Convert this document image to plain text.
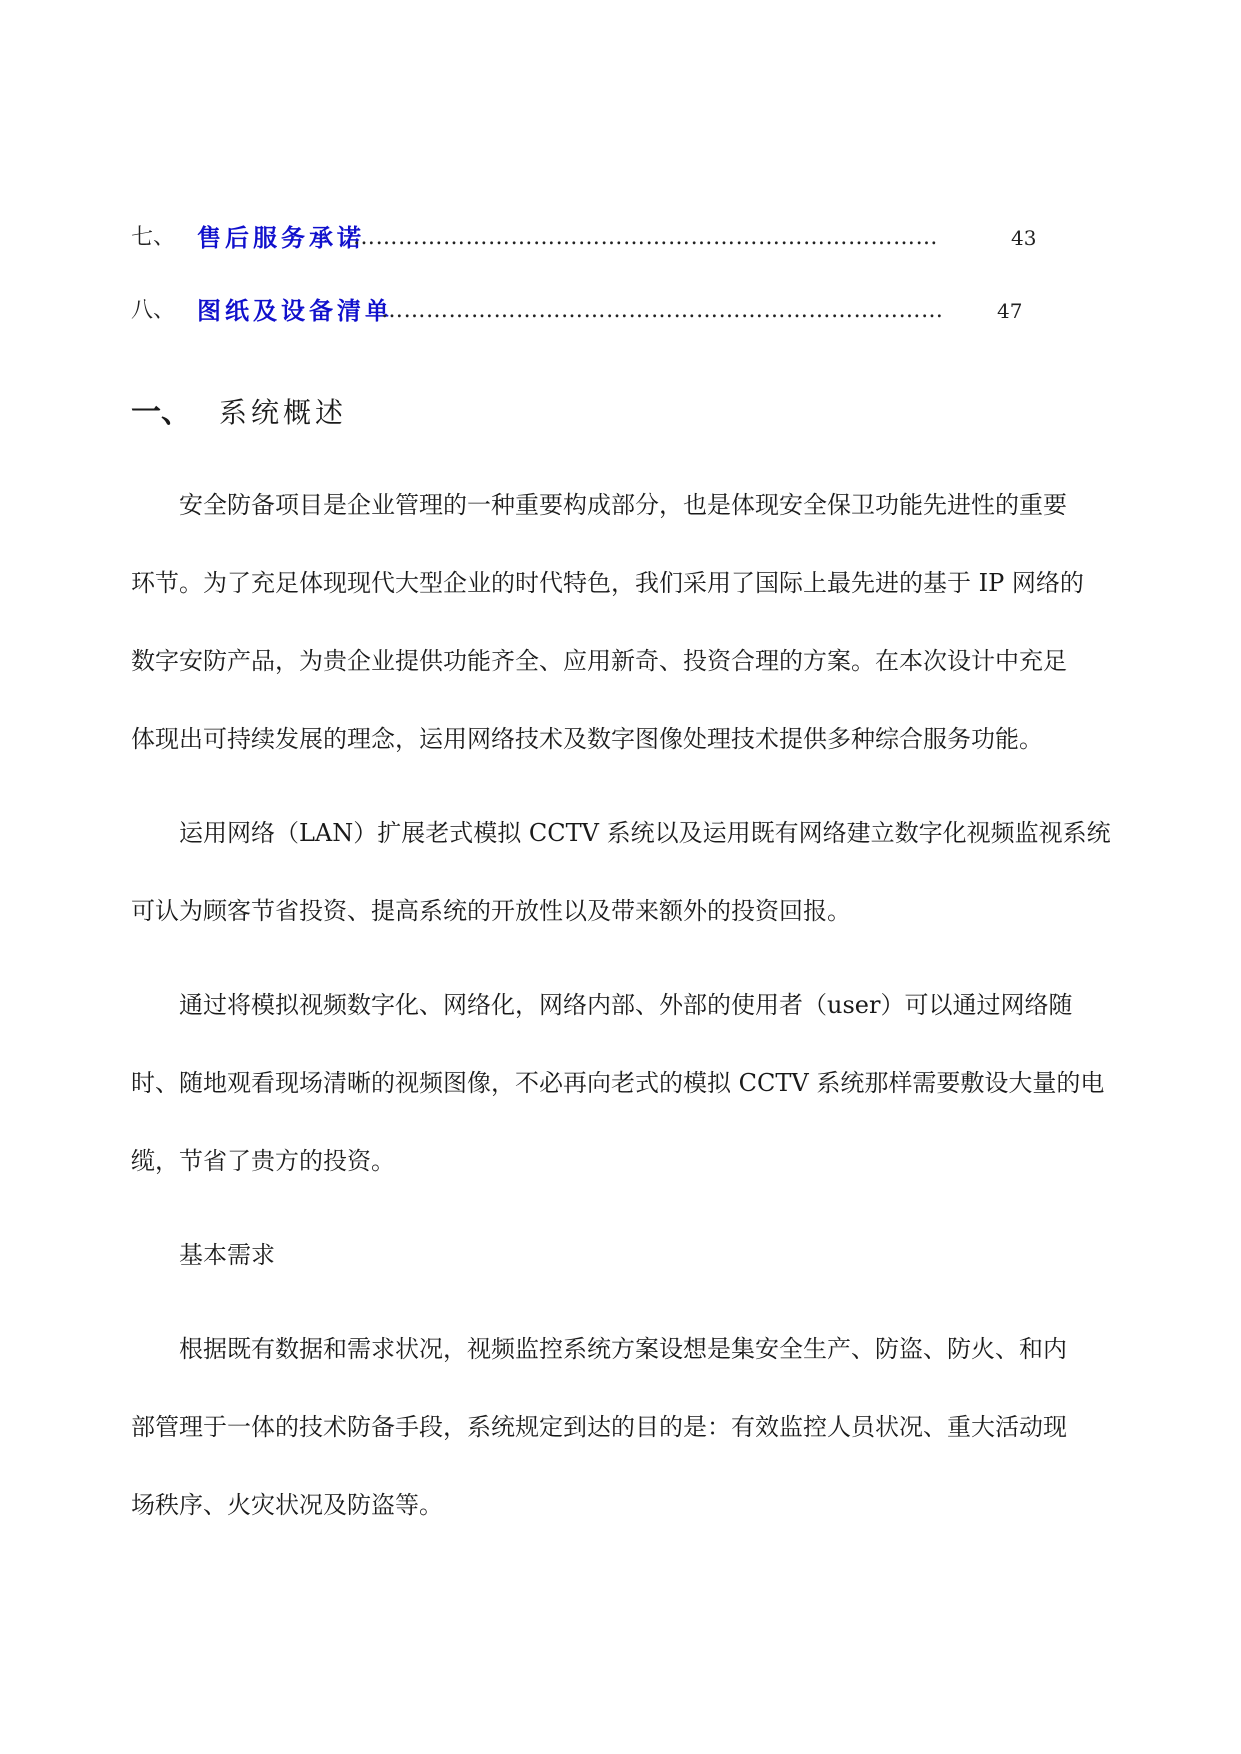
七、 售后服务承诺
……………………………………………………………………	43
八、 图纸及设备清单
…………………………………………………………………	47
一、 系统概述
安全防备项目是企业管理的一种重要构成部分，也是体现安全保卫功能先进性的重要
环节。为了充足体现现代大型企业的时代特色，我们采用了国际上最先进的基于 IP 网络的
数字安防产品，为贵企业提供功能齐全、应用新奇、投资合理的方案。在本次设计中充足
体现出可持续发展的理念，运用网络技术及数字图像处理技术提供多种综合服务功能。
运用网络（LAN）扩展老式模拟 CCTV 系统以及运用既有网络建立数字化视频监视系统
可认为顾客节省投资、提高系统的开放性以及带来额外的投资回报。
通过将模拟视频数字化、网络化，网络内部、外部的使用者（user）可以通过网络随
时、随地观看现场清晰的视频图像，不必再向老式的模拟 CCTV 系统那样需要敷设大量的电
缆，节省了贵方的投资。
基本需求
根据既有数据和需求状况，视频监控系统方案设想是集安全生产、防盗、防火、和内
部管理于一体的技术防备手段，系统规定到达的目的是：有效监控人员状况、重大活动现
场秩序、火灾状况及防盗等。
